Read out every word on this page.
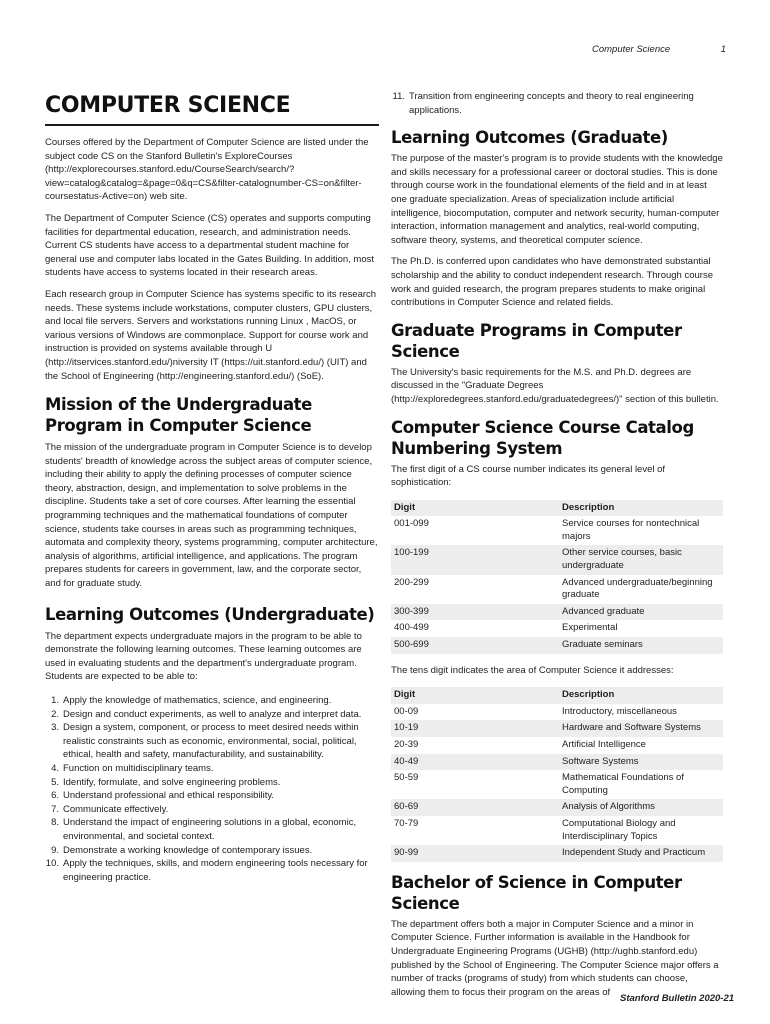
Computer Science	1
COMPUTER SCIENCE

Courses offered by the Department of Computer Science are listed under the subject code CS on the Stanford Bulletin's ExploreCourses (http://explorecourses.stanford.edu/CourseSearch/search/?view=catalog&catalog=&page=0&q=CS&filter-catalognumber-CS=on&filter-coursestatus-Active=on) web site.

The Department of Computer Science (CS) operates and supports computing facilities for departmental education, research, and administration needs. Current CS students have access to a departmental student machine for general use and computer labs located in the Gates Building. In addition, most students have access to systems located in their research areas.

Each research group in Computer Science has systems specific to its research needs. These systems include workstations, computer clusters, GPU clusters, and local file servers. Servers and workstations running Linux , MacOS, or various versions of Windows are commonplace. Support for course work and instruction is provided on systems available through U (http://itservices.stanford.edu/)niversity IT (https://uit.stanford.edu/) (UIT) and the School of Engineering (http://engineering.stanford.edu/) (SoE).

Mission of the Undergraduate Program in Computer Science

The mission of the undergraduate program in Computer Science is to develop students' breadth of knowledge across the subject areas of computer science, including their ability to apply the defining processes of computer science theory, abstraction, design, and implementation to solve problems in the discipline. Students take a set of core courses. After learning the essential programming techniques and the mathematical foundations of computer science, students take courses in areas such as programming techniques, automata and complexity theory, systems programming, computer architecture, analysis of algorithms, artificial intelligence, and applications. The program prepares students for careers in government, law, and the corporate sector, and for graduate study.

Learning Outcomes (Undergraduate)

The department expects undergraduate majors in the program to be able to demonstrate the following learning outcomes. These learning outcomes are used in evaluating students and the department's undergraduate program. Students are expected to be able to:

1. Apply the knowledge of mathematics, science, and engineering.
2. Design and conduct experiments, as well to analyze and interpret data.
3. Design a system, component, or process to meet desired needs within realistic constraints such as economic, environmental, social, political, ethical, health and safety, manufacturability, and sustainability.
4. Function on multidisciplinary teams.
5. Identify, formulate, and solve engineering problems.
6. Understand professional and ethical responsibility.
7. Communicate effectively.
8. Understand the impact of engineering solutions in a global, economic, environmental, and societal context.
9. Demonstrate a working knowledge of contemporary issues.
10. Apply the techniques, skills, and modern engineering tools necessary for engineering practice.
11. Transition from engineering concepts and theory to real engineering applications.
Learning Outcomes (Graduate)

The purpose of the master's program is to provide students with the knowledge and skills necessary for a professional career or doctoral studies. This is done through course work in the foundational elements of the field and in at least one graduate specialization. Areas of specialization include artificial intelligence, biocomputation, computer and network security, human-computer interaction, information management and analytics, real-world computing, software theory, systems, and theoretical computer science.

The Ph.D. is conferred upon candidates who have demonstrated substantial scholarship and the ability to conduct independent research. Through course work and guided research, the program prepares students to make original contributions in Computer Science and related fields.

Graduate Programs in Computer Science

The University's basic requirements for the M.S. and Ph.D. degrees are discussed in the "Graduate Degrees (http://exploredegrees.stanford.edu/graduatedegrees/)" section of this bulletin.

Computer Science Course Catalog Numbering System

The first digit of a CS course number indicates its general level of sophistication:

Digit	Description
001-099	Service courses for nontechnical majors
100-199	Other service courses, basic undergraduate
200-299	Advanced undergraduate/beginning graduate
300-399	Advanced graduate
400-499	Experimental
500-699	Graduate seminars

The tens digit indicates the area of Computer Science it addresses:

Digit	Description
00-09	Introductory, miscellaneous
10-19	Hardware and Software Systems
20-39	Artificial Intelligence
40-49	Software Systems
50-59	Mathematical Foundations of Computing
60-69	Analysis of Algorithms
70-79	Computational Biology and Interdisciplinary Topics
90-99	Independent Study and Practicum
Bachelor of Science in Computer Science

The department offers both a major in Computer Science and a minor in Computer Science. Further information is available in the Handbook for Undergraduate Engineering Programs (UGHB) (http://ughb.stanford.edu) published by the School of Engineering. The Computer Science major offers a number of tracks (programs of study) from which students can choose, allowing them to focus their program on the areas of

Stanford Bulletin 2020-21
